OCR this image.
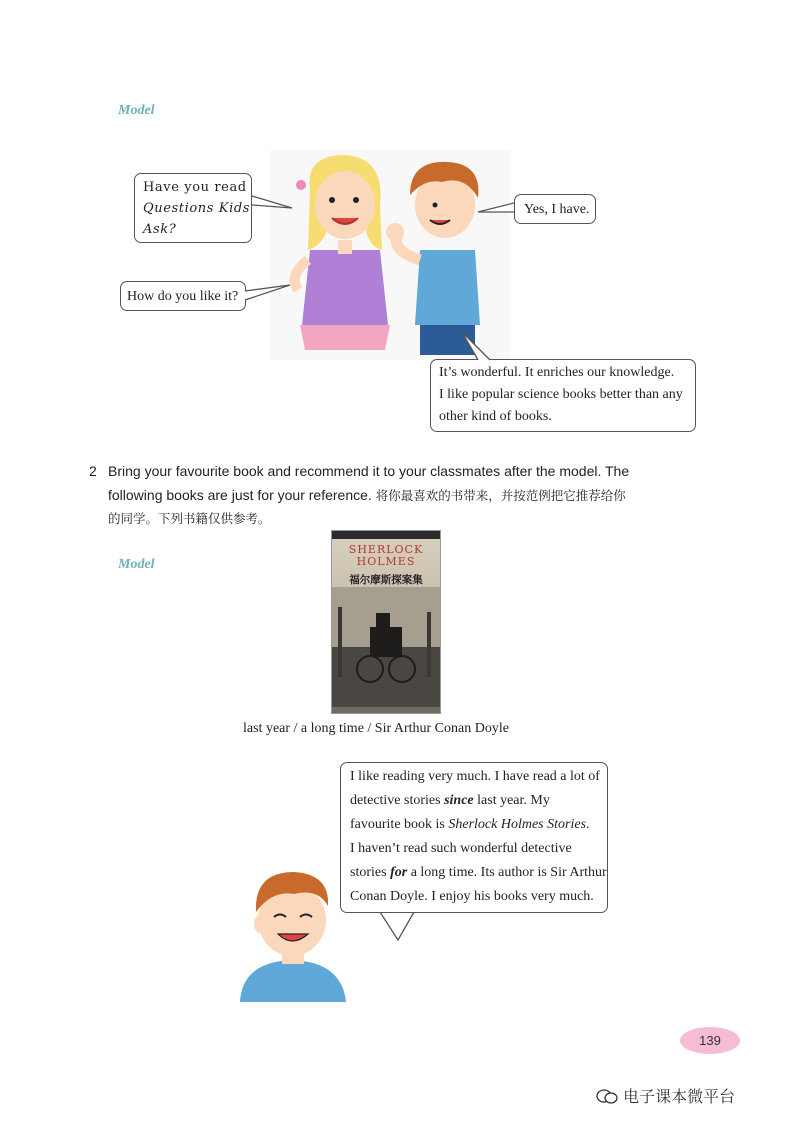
Model
Have you read
Questions Kids
Ask?
Yes, I have.
How do you like it?
It’s wonderful. It enriches our knowledge.
I like popular science books better than any
other kind of books.
2 Bring your favourite book and recommend it to your classmates after the model. The
following books are just for your reference. 将你最喜欢的书带来，并按范例把它推荐给你
的同学。下列书籍仅供参考。
Model
SHERLOCK
HOLMES
福尔摩斯探案集
last year / a long time / Sir Arthur Conan Doyle
I like reading very much. I have read a lot of
detective stories since last year. My
favourite book is Sherlock Holmes Stories.
I haven’t read such wonderful detective
stories for a long time. Its author is Sir Arthur
Conan Doyle. I enjoy his books very much.
139
电子课本微平台
